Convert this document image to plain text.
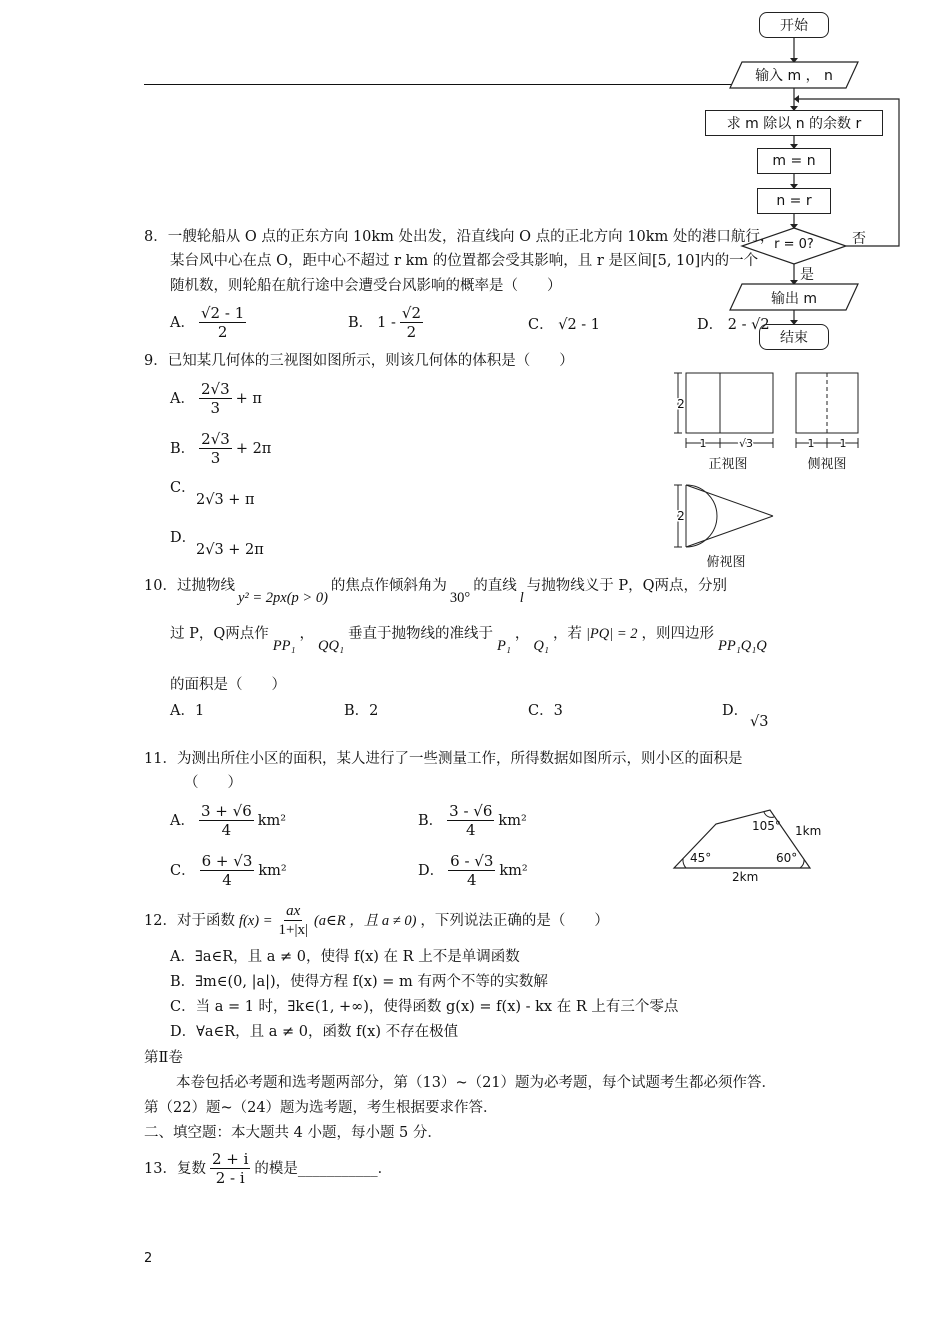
开始
输入 m ， n
求 m 除以 n 的余数 r
m = n
n = r
r = 0?	否
是
输出 m
结束
8．一艘轮船从 O 点的正东方向 10km 处出发，沿直线向 O 点的正北方向 10km 处的港口航行，
某台风中心在点 O，距中心不超过 r km 的位置都会受其影响，且 r 是区间[5, 10]内的一个
随机数，则轮船在航行途中会遭受台风影响的概率是（　　）
A． $\frac{√2 - 1}{2}$	B． $1 - \frac{√2}{2}$	C． √2 - 1	D． 2 - √2
9．已知某几何体的三视图如图所示，则该几何体的体积是（　　）
A． $\frac{2√3}{3} + \pi$
B． $\frac{2√3}{3} + 2\pi$
C．
2√3 + π
D．
2√3 + 2π
2
1	√3	1 1
2
正视图	侧视图
俯视图
10．过抛物线
y² = 2px(p > 0)
的焦点作倾斜角为
30°
的直线
l
与抛物线义于 P，Q两点，分别
过 P，Q两点作
PP₁
，
QQ₁
垂直于抛物线的准线于
P₁
，
Q₁
，若 |PQ| = 2 ，则四边形
PP₁Q₁Q
的面积是（　　）
A．1	B．2	C．3	D．
√3
11．为测出所住小区的面积，某人进行了一些测量工作，所得数据如图所示，则小区的面积是
（　　）
A． $\frac{3 + √6}{4} km^2$	B． $\frac{3 - √6}{4} km^2$
C． $\frac{6 + √3}{4} km^2$	D． $\frac{6 - √3}{4} km^2$
105° 1km
45°	60°
2km
12．对于函数 $f(x) = \frac{ax}{1+|x|}$ (a∈R ，且 a ≠ 0) ，下列说法正确的是（　　）
A．∃a∈R，且 a ≠ 0，使得 f(x) 在 R 上不是单调函数
B．∃m∈(0, |a|)，使得方程 f(x) = m 有两个不等的实数解
C．当 a = 1 时，∃k∈(1, +∞)，使得函数 g(x) = f(x) - kx 在 R 上有三个零点
D．∀a∈R，且 a ≠ 0，函数 f(x) 不存在极值
第Ⅱ卷
本卷包括必考题和选考题两部分，第（13）~（21）题为必考题，每个试题考生都必须作答．
第（22）题~（24）题为选考题，考生根据要求作答．
二、填空题：本大题共 4 小题，每小题 5 分．
13．复数 $\frac{2 + i}{2 - i}$ 的模是___________．
2
